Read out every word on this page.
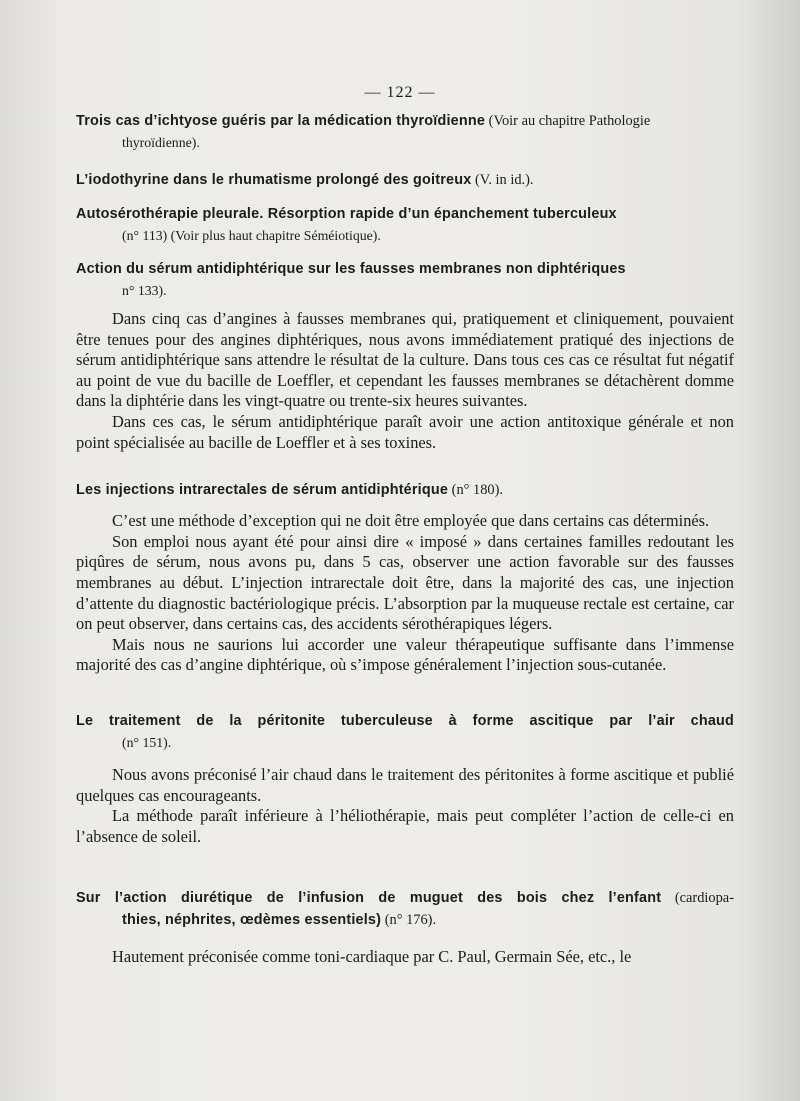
— 122 —
Trois cas d’ichtyose guéris par la médication thyroïdienne (Voir au chapitre Pathologie
thyroïdienne).
L’iodothyrine dans le rhumatisme prolongé des goitreux (V. in id.).
Autosérothérapie pleurale. Résorption rapide d’un épanchement tuberculeux
(n° 113) (Voir plus haut chapitre Séméiotique).
Action du sérum antidiphtérique sur les fausses membranes non diphtériques
n° 133).

Dans cinq cas d’angines à fausses membranes qui, pratiquement et cliniquement, pouvaient être tenues pour des angines diphtériques, nous avons immédiatement pratiqué des injections de sérum antidiphtérique sans attendre le résultat de la culture. Dans tous ces cas ce résultat fut négatif au point de vue du bacille de Loeffler, et cependant les fausses membranes se détachèrent domme dans la diphtérie dans les vingt-quatre ou trente-six heures suivantes.

Dans ces cas, le sérum antidiphtérique paraît avoir une action antitoxique générale et non point spécialisée au bacille de Loeffler et à ses toxines.

Les injections intrarectales de sérum antidiphtérique (n° 180).

C’est une méthode d’exception qui ne doit être employée que dans certains cas déterminés.

Son emploi nous ayant été pour ainsi dire « imposé » dans certaines familles redoutant les piqûres de sérum, nous avons pu, dans 5 cas, observer une action favorable sur des fausses membranes au début. L’injection intrarectale doit être, dans la majorité des cas, une injection d’attente du diagnostic bactériologique précis. L’absorption par la muqueuse rectale est certaine, car on peut observer, dans certains cas, des accidents sérothérapiques légers.

Mais nous ne saurions lui accorder une valeur thérapeutique suffisante dans l’immense majorité des cas d’angine diphtérique, où s’impose généralement l’injection sous-cutanée.

Le traitement de la péritonite tuberculeuse à forme ascitique par l’air chaud
(n° 151).

Nous avons préconisé l’air chaud dans le traitement des péritonites à forme ascitique et publié quelques cas encourageants.

La méthode paraît inférieure à l’héliothérapie, mais peut compléter l’action de celle-ci en l’absence de soleil.

Sur l’action diurétique de l’infusion de muguet des bois chez l’enfant (cardiopa-
thies, néphrites, œdèmes essentiels) (n° 176).

Hautement préconisée comme toni-cardiaque par C. Paul, Germain Sée, etc., le
